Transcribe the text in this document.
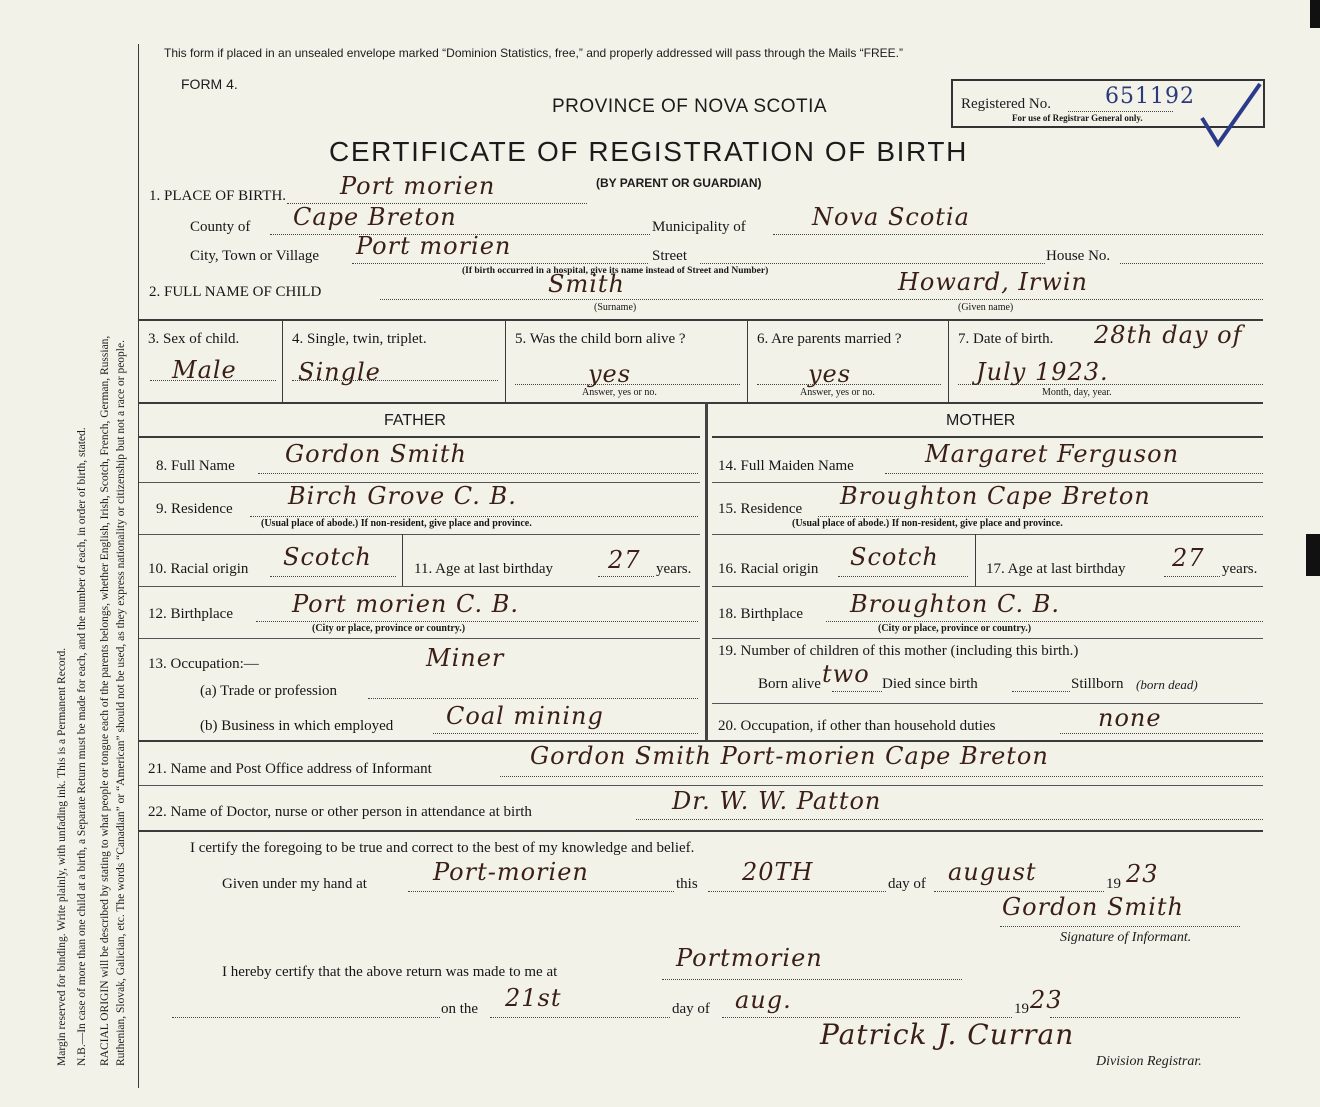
Margin reserved for binding. Write plainly, with unfading ink. This is a Permanent Record. N.B.—In case of more than one child at a birth, a Separate Return must be made for each, and the number of each, in order of birth, stated. RACIAL ORIGIN will be described by stating to what people or tongue each of the parents belongs, whether English, Irish, Scotch, French, German, Russian, Ruthenian, Slovak, Galician, etc. The words “Canadian” or “American” should not be used, as they express nationality or citizenship but not a race or people.
This form if placed in an unsealed envelope marked “Dominion Statistics, free,” and properly addressed will pass through the Mails “FREE.”
FORM 4.
PROVINCE OF NOVA SCOTIA
CERTIFICATE OF REGISTRATION OF BIRTH
(BY PARENT OR GUARDIAN)
Registered No. 651192
For use of Registrar General only.
1. PLACE OF BIRTH. Port morien
County of Cape Breton	Municipality of	Nova Scotia
City, Town or Village Port morien	Street	House No.
(If birth occurred in a hospital, give its name instead of Street and Number)
2. FULL NAME OF CHILD	Smith
(Surname)
Howard, Irwin
(Given name)
3. Sex of child.
Male
4. Single, twin, triplet.
Single
5. Was the child born alive ?
yes
Answer, yes or no.
6. Are parents married ?
yes
Answer, yes or no.
7. Date of birth. 28th day of
July 1923.
Month, day, year.
FATHER	MOTHER
8. Full Name Gordon Smith
9. Residence Birch Grove C. B.
(Usual place of abode.) If non-resident, give place and province.
10. Racial origin Scotch	11. Age at last birthday 27 years.
12. Birthplace Port morien C. B.
(City or place, province or country.)
13. Occupation:—	Miner
(a) Trade or profession
(b) Business in which employed Coal mining
14. Full Maiden Name	Margaret Ferguson
15. Residence Broughton Cape Breton
(Usual place of abode.) If non-resident, give place and province.
16. Racial origin Scotch	17. Age at last birthday 27 years.
18. Birthplace Broughton C. B.
(City or place, province or country.)
19. Number of children of this mother (including this birth.)
Born alive two Died since birth	Stillborn (born dead)
20. Occupation, if other than household duties	none
21. Name and Post Office address of Informant	Gordon Smith Port-morien Cape Breton
22. Name of Doctor, nurse or other person in attendance at birth	Dr. W. W. Patton
I certify the foregoing to be true and correct to the best of my knowledge and belief.
Given under my hand at	Port-morien	this 20TH	day of august	19 23
Gordon Smith
Signature of Informant.
I hereby certify that the above return was made to me at	Portmorien
on the 21st	day of aug.	19 23
Patrick J. Curran
Division Registrar.
